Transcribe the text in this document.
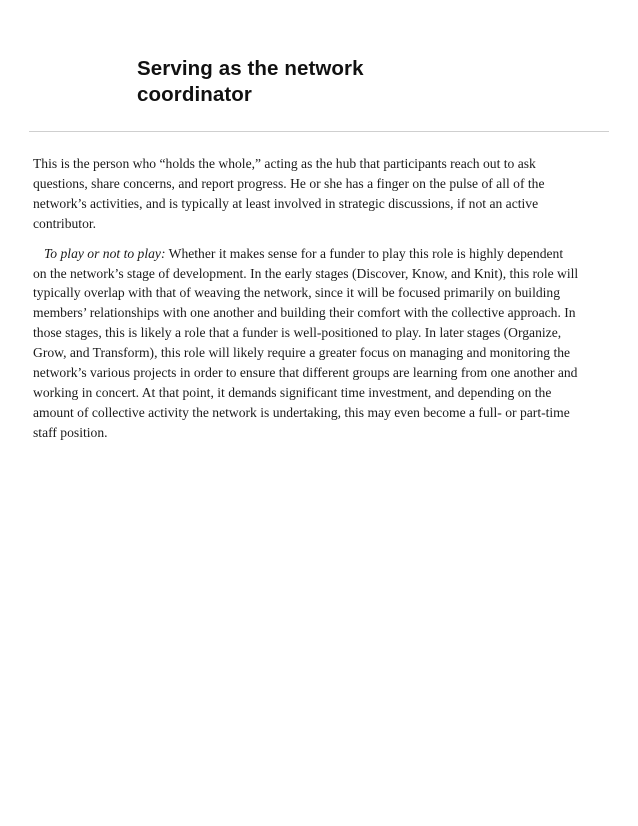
Serving as the network
coordinator

This is the person who “holds the whole,” acting as the hub that participants reach out to ask
questions, share concerns, and report progress. He or she has a finger on the pulse of all of the
network’s activities, and is typically at least involved in strategic discussions, if not an active
contributor.

To play or not to play: Whether it makes sense for a funder to play this role is highly dependent
on the network’s stage of development. In the early stages (Discover, Know, and Knit), this role will
typically overlap with that of weaving the network, since it will be focused primarily on building
members’ relationships with one another and building their comfort with the collective approach. In
those stages, this is likely a role that a funder is well-positioned to play. In later stages (Organize,
Grow, and Transform), this role will likely require a greater focus on managing and monitoring the
network’s various projects in order to ensure that different groups are learning from one another and
working in concert. At that point, it demands significant time investment, and depending on the
amount of collective activity the network is undertaking, this may even become a full- or part-time
staff position.
